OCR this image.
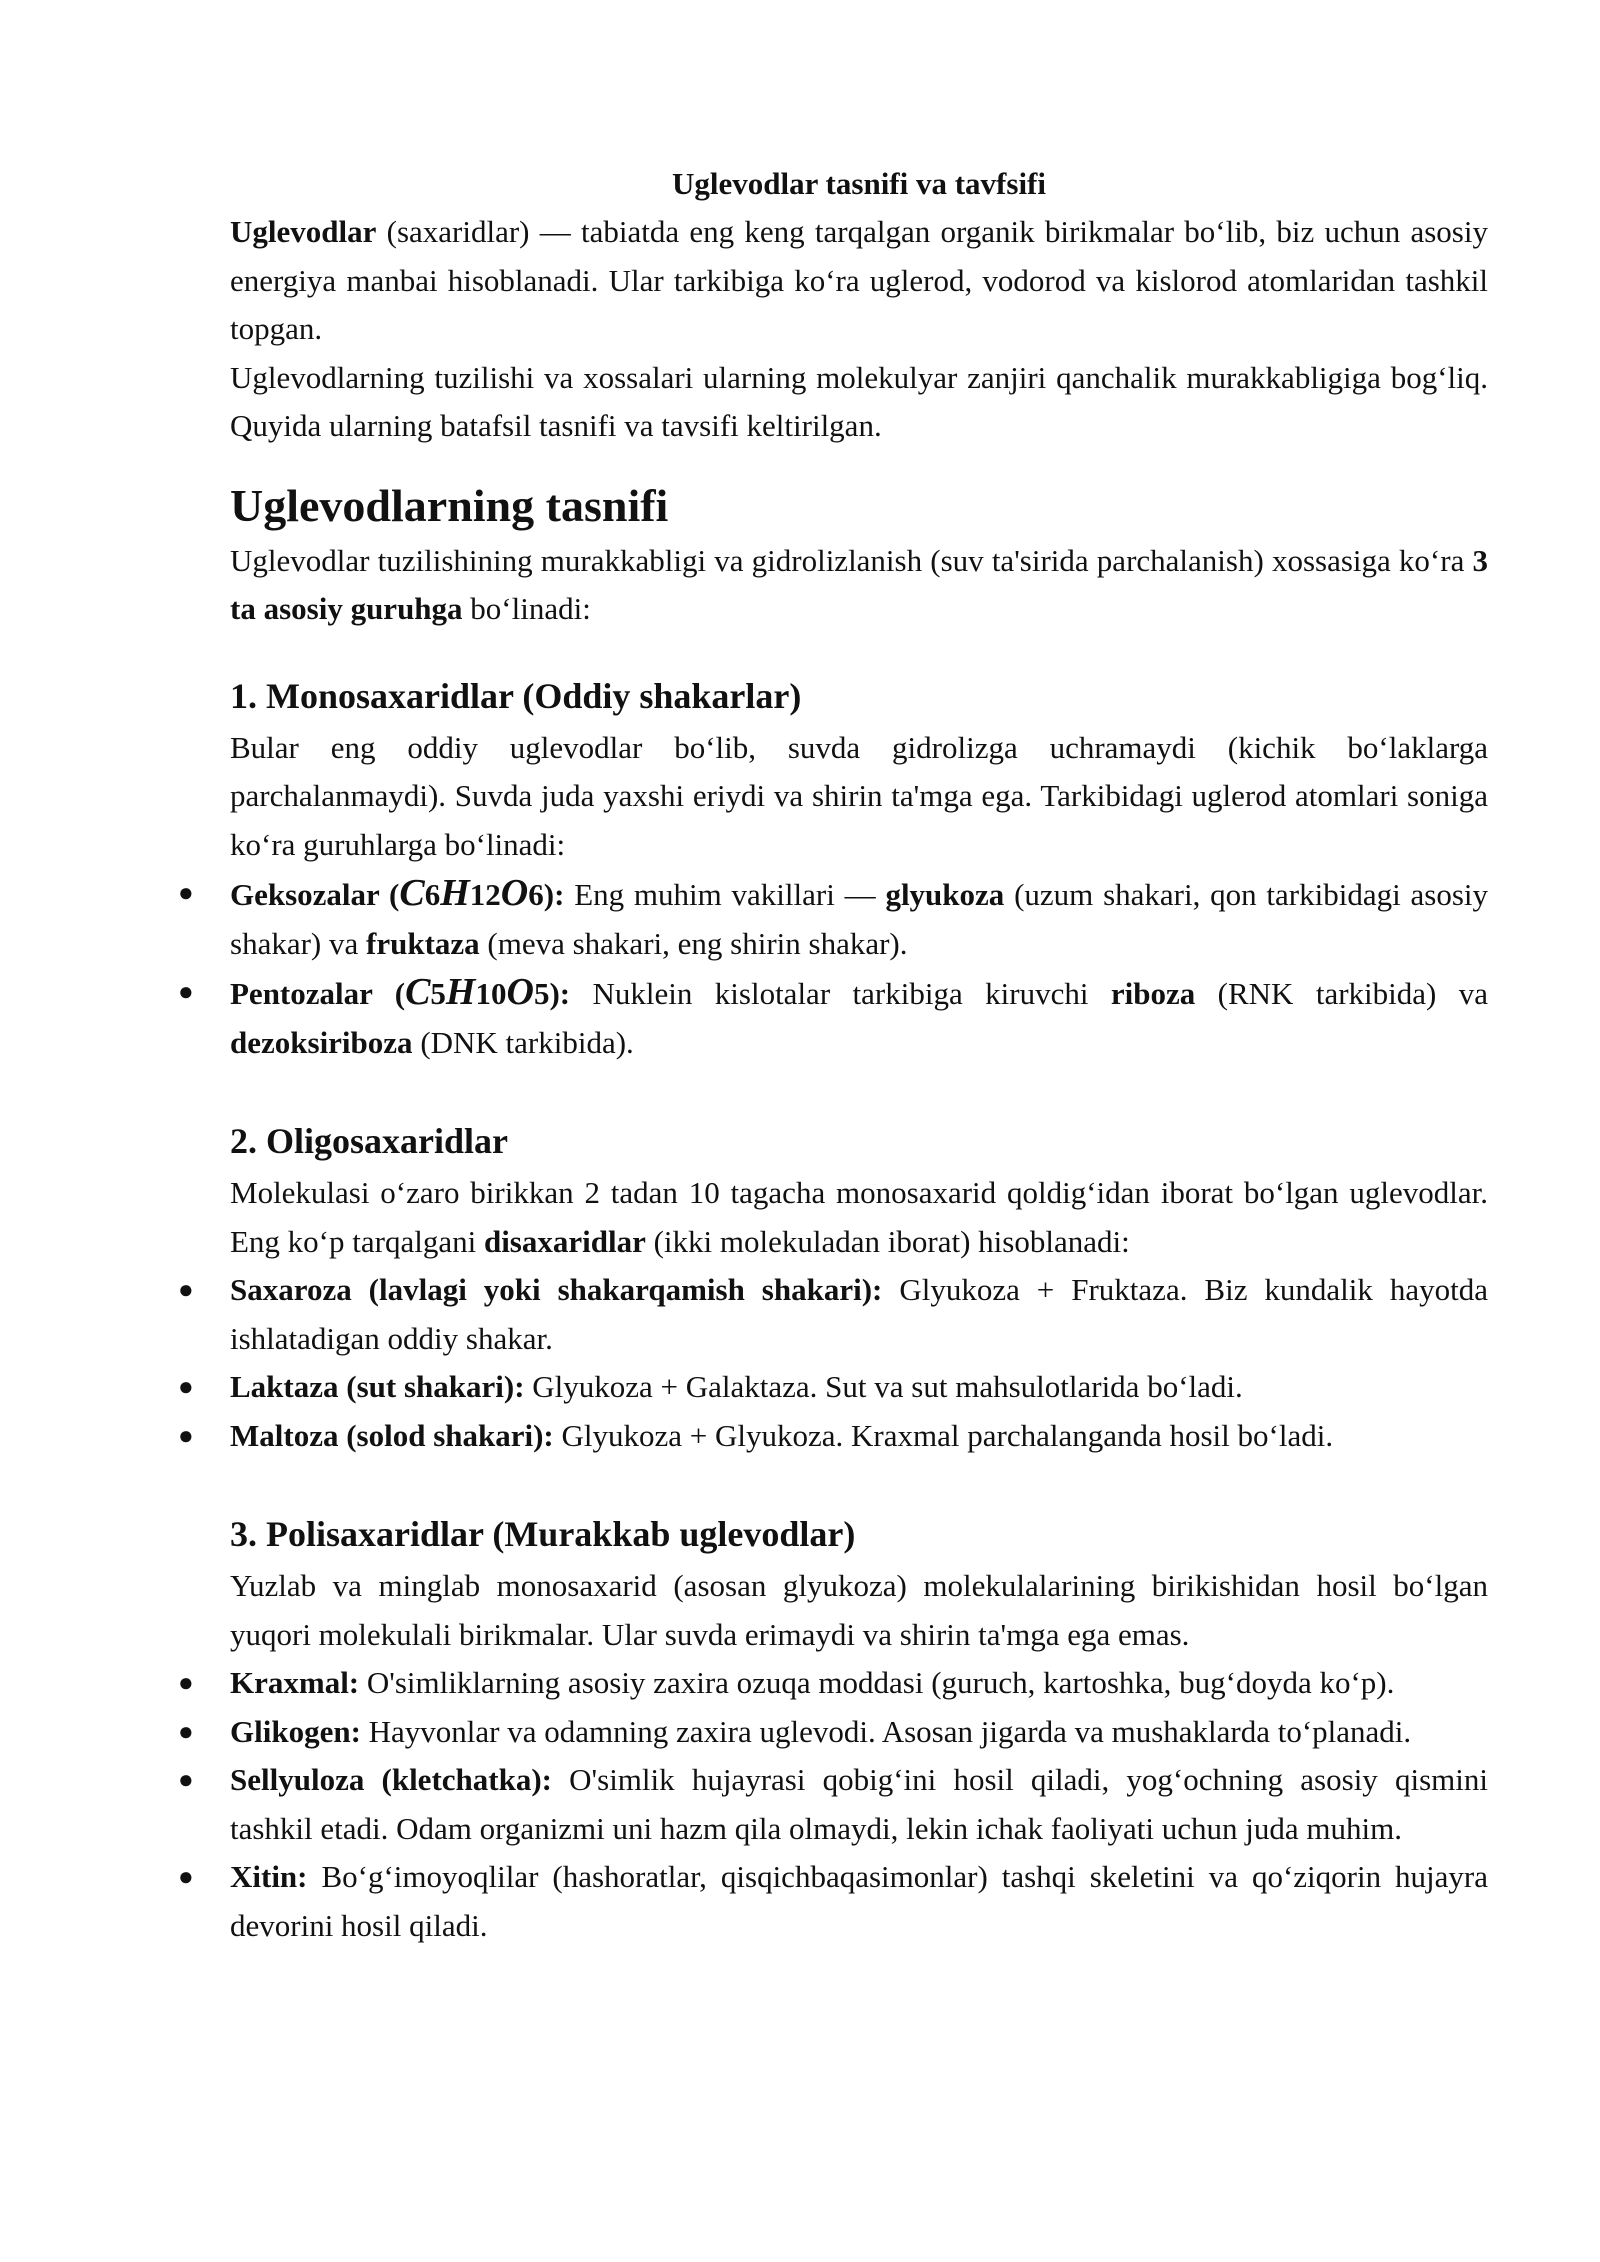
Uglevodlar tasnifi va tavfsifi

Uglevodlar (saxaridlar) — tabiatda eng keng tarqalgan organik birikmalar bo‘lib, biz uchun asosiy energiya manbai hisoblanadi. Ular tarkibiga ko‘ra uglerod, vodorod va kislorod atomlaridan tashkil topgan.

Uglevodlarning tuzilishi va xossalari ularning molekulyar zanjiri qanchalik murakkabligiga bog‘liq. Quyida ularning batafsil tasnifi va tavsifi keltirilgan.

Uglevodlarning tasnifi

Uglevodlar tuzilishining murakkabligi va gidrolizlanish (suv ta'sirida parchalanish) xossasiga ko‘ra 3 ta asosiy guruhga bo‘linadi:

1. Monosaxaridlar (Oddiy shakarlar)

Bular eng oddiy uglevodlar bo‘lib, suvda gidrolizga uchramaydi (kichik bo‘laklarga parchalanmaydi). Suvda juda yaxshi eriydi va shirin ta'mga ega. Tarkibidagi uglerod atomlari soniga ko‘ra guruhlarga bo‘linadi:

● Geksozalar (C6H12O6): Eng muhim vakillari — glyukoza (uzum shakari, qon tarkibidagi asosiy shakar) va fruktaza (meva shakari, eng shirin shakar).
● Pentozalar (C5H10O5): Nuklein kislotalar tarkibiga kiruvchi riboza (RNK tarkibida) va dezoksiriboza (DNK tarkibida).
2. Oligosaxaridlar

Molekulasi o‘zaro birikkan 2 tadan 10 tagacha monosaxarid qoldig‘idan iborat bo‘lgan uglevodlar. Eng ko‘p tarqalgani disaxaridlar (ikki molekuladan iborat) hisoblanadi:

● Saxaroza (lavlagi yoki shakarqamish shakari): Glyukoza + Fruktaza. Biz kundalik hayotda ishlatadigan oddiy shakar.
● Laktaza (sut shakari): Glyukoza + Galaktaza. Sut va sut mahsulotlarida bo‘ladi.
● Maltoza (solod shakari): Glyukoza + Glyukoza. Kraxmal parchalanganda hosil bo‘ladi.
3. Polisaxaridlar (Murakkab uglevodlar)

Yuzlab va minglab monosaxarid (asosan glyukoza) molekulalarining birikishidan hosil bo‘lgan yuqori molekulali birikmalar. Ular suvda erimaydi va shirin ta'mga ega emas.

● Kraxmal: O'simliklarning asosiy zaxira ozuqa moddasi (guruch, kartoshka, bug‘doyda ko‘p).
● Glikogen: Hayvonlar va odamning zaxira uglevodi. Asosan jigarda va mushaklarda to‘planadi.
● Sellyuloza (kletchatka): O'simlik hujayrasi qobig‘ini hosil qiladi, yog‘ochning asosiy qismini tashkil etadi. Odam organizmi uni hazm qila olmaydi, lekin ichak faoliyati uchun juda muhim.
● Xitin: Bo‘g‘imoyoqlilar (hashoratlar, qisqichbaqasimonlar) tashqi skeletini va qo‘ziqorin hujayra devorini hosil qiladi.
